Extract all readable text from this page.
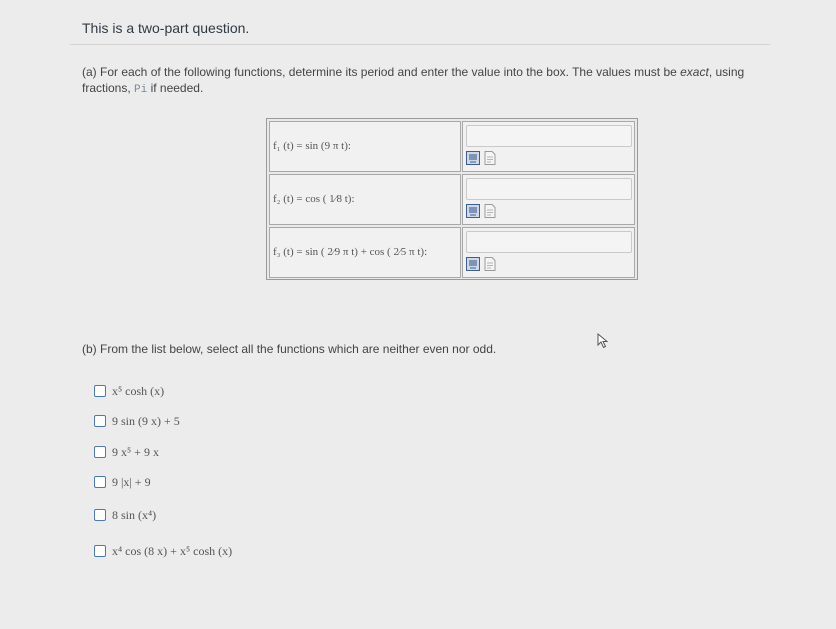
This is a two-part question.
(a) For each of the following functions, determine its period and enter the value into the box. The values must be exact, using fractions, Pi if needed.
f₁ (t) = sin (9 π t):
f₂ (t) = cos ( 1⁄8 t):
f₃ (t) = sin ( 2⁄9 π t) + cos ( 2⁄5 π t):
(b) From the list below, select all the functions which are neither even nor odd.
x⁵ cosh (x)
9 sin (9 x) + 5
9 x⁵ + 9 x
9 |x| + 9
8 sin (x⁴)
x⁴ cos (8 x) + x⁵ cosh (x)
